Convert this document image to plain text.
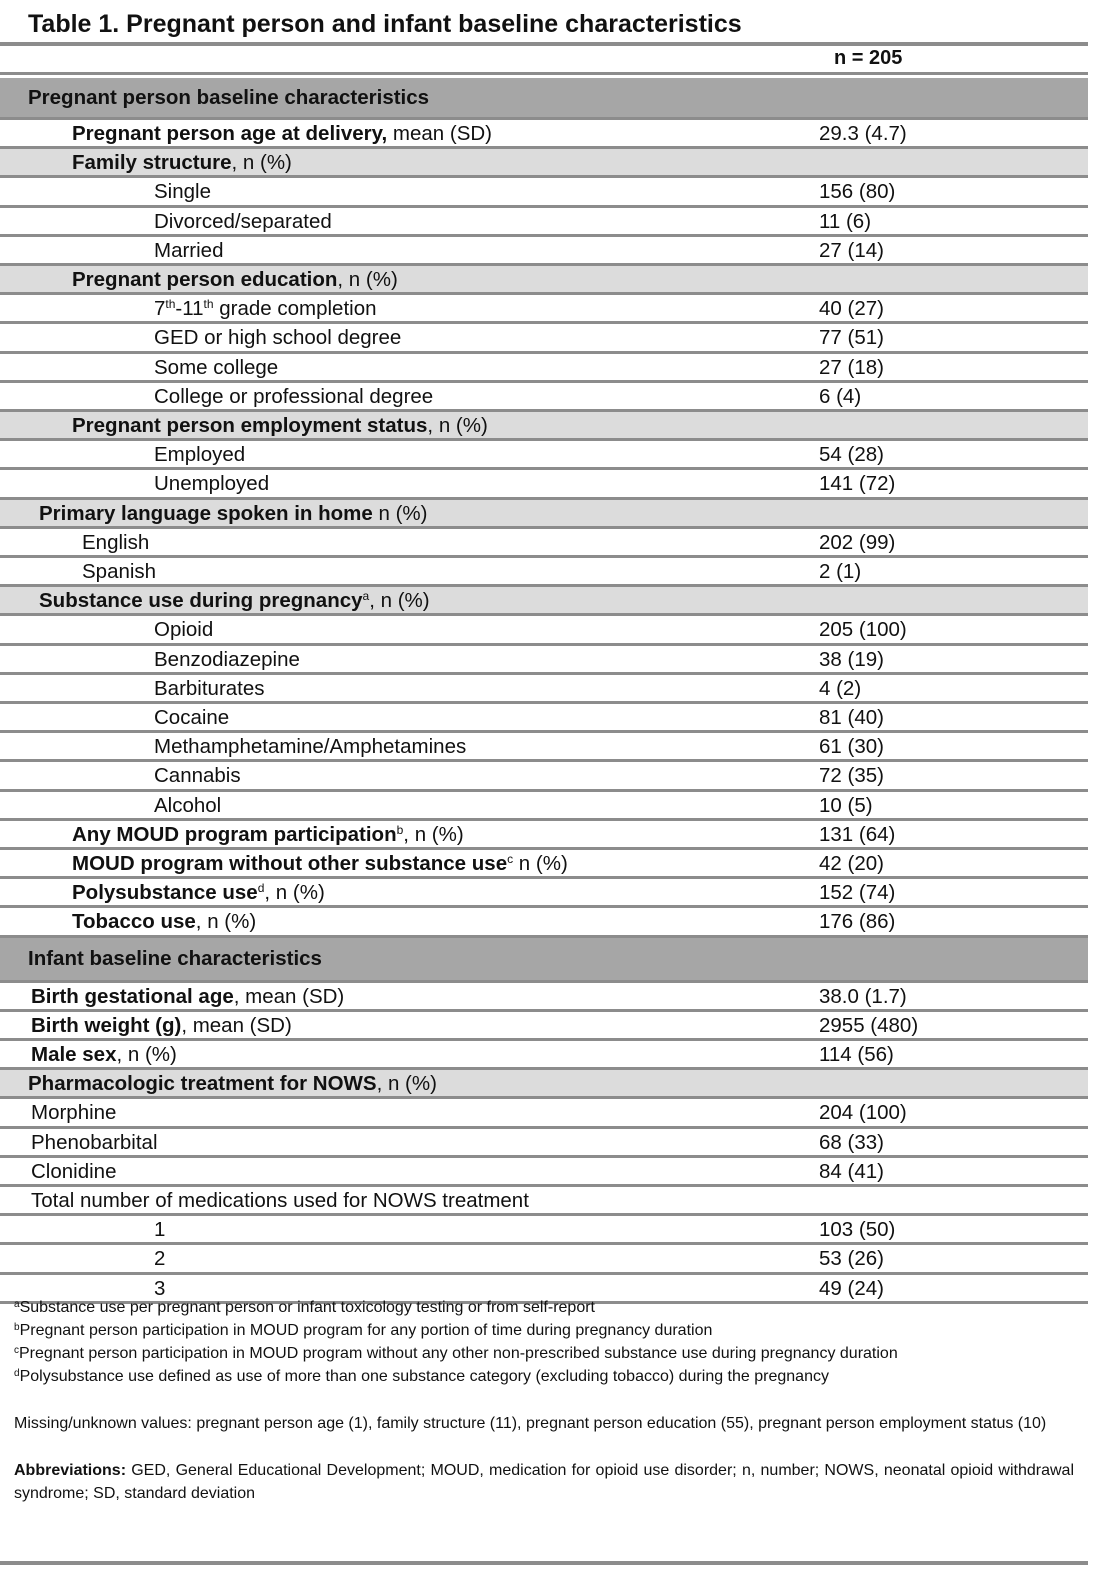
Table 1. Pregnant person and infant baseline characteristics
n = 205
Pregnant person baseline characteristics
Pregnant person age at delivery, mean (SD)	29.3 (4.7)
Family structure, n (%)
Single	156 (80)
Divorced/separated	11 (6)
Married	27 (14)
Pregnant person education, n (%)
7th-11th grade completion	40 (27)
GED or high school degree	77 (51)
Some college	27 (18)
College or professional degree	6 (4)
Pregnant person employment status, n (%)
Employed	54 (28)
Unemployed	141 (72)
Primary language spoken in home n (%)
English	202 (99)
Spanish	2 (1)
Substance use during pregnancy$^a$, n (%)
Opioid	205 (100)
Benzodiazepine	38 (19)
Barbiturates	4 (2)
Cocaine	81 (40)
Methamphetamine/Amphetamines	61 (30)
Cannabis	72 (35)
Alcohol	10 (5)
Any MOUD program participation$^b$, n (%)	131 (64)
MOUD program without other substance use$^c$ n (%)	42 (20)
Polysubstance use$^d$, n (%)	152 (74)
Tobacco use, n (%)	176 (86)
Infant baseline characteristics
Birth gestational age, mean (SD)	38.0 (1.7)
Birth weight (g), mean (SD)	2955 (480)
Male sex, n (%)	114 (56)
Pharmacologic treatment for NOWS, n (%)
Morphine	204 (100)
Phenobarbital	68 (33)
Clonidine	84 (41)
Total number of medications used for NOWS treatment
1	103 (50)
2	53 (26)
3	49 (24)

$^a$Substance use per pregnant person or infant toxicology testing or from self-report

$^b$Pregnant person participation in MOUD program for any portion of time during pregnancy duration

$^c$Pregnant person participation in MOUD program without any other non-prescribed substance use during pregnancy duration

$^d$Polysubstance use defined as use of more than one substance category (excluding tobacco) during the pregnancy

Missing/unknown values: pregnant person age (1), family structure (11), pregnant person education (55), pregnant person employment status (10)

Abbreviations: GED, General Educational Development; MOUD, medication for opioid use disorder; n, number; NOWS, neonatal opioid withdrawal syndrome; SD, standard deviation
